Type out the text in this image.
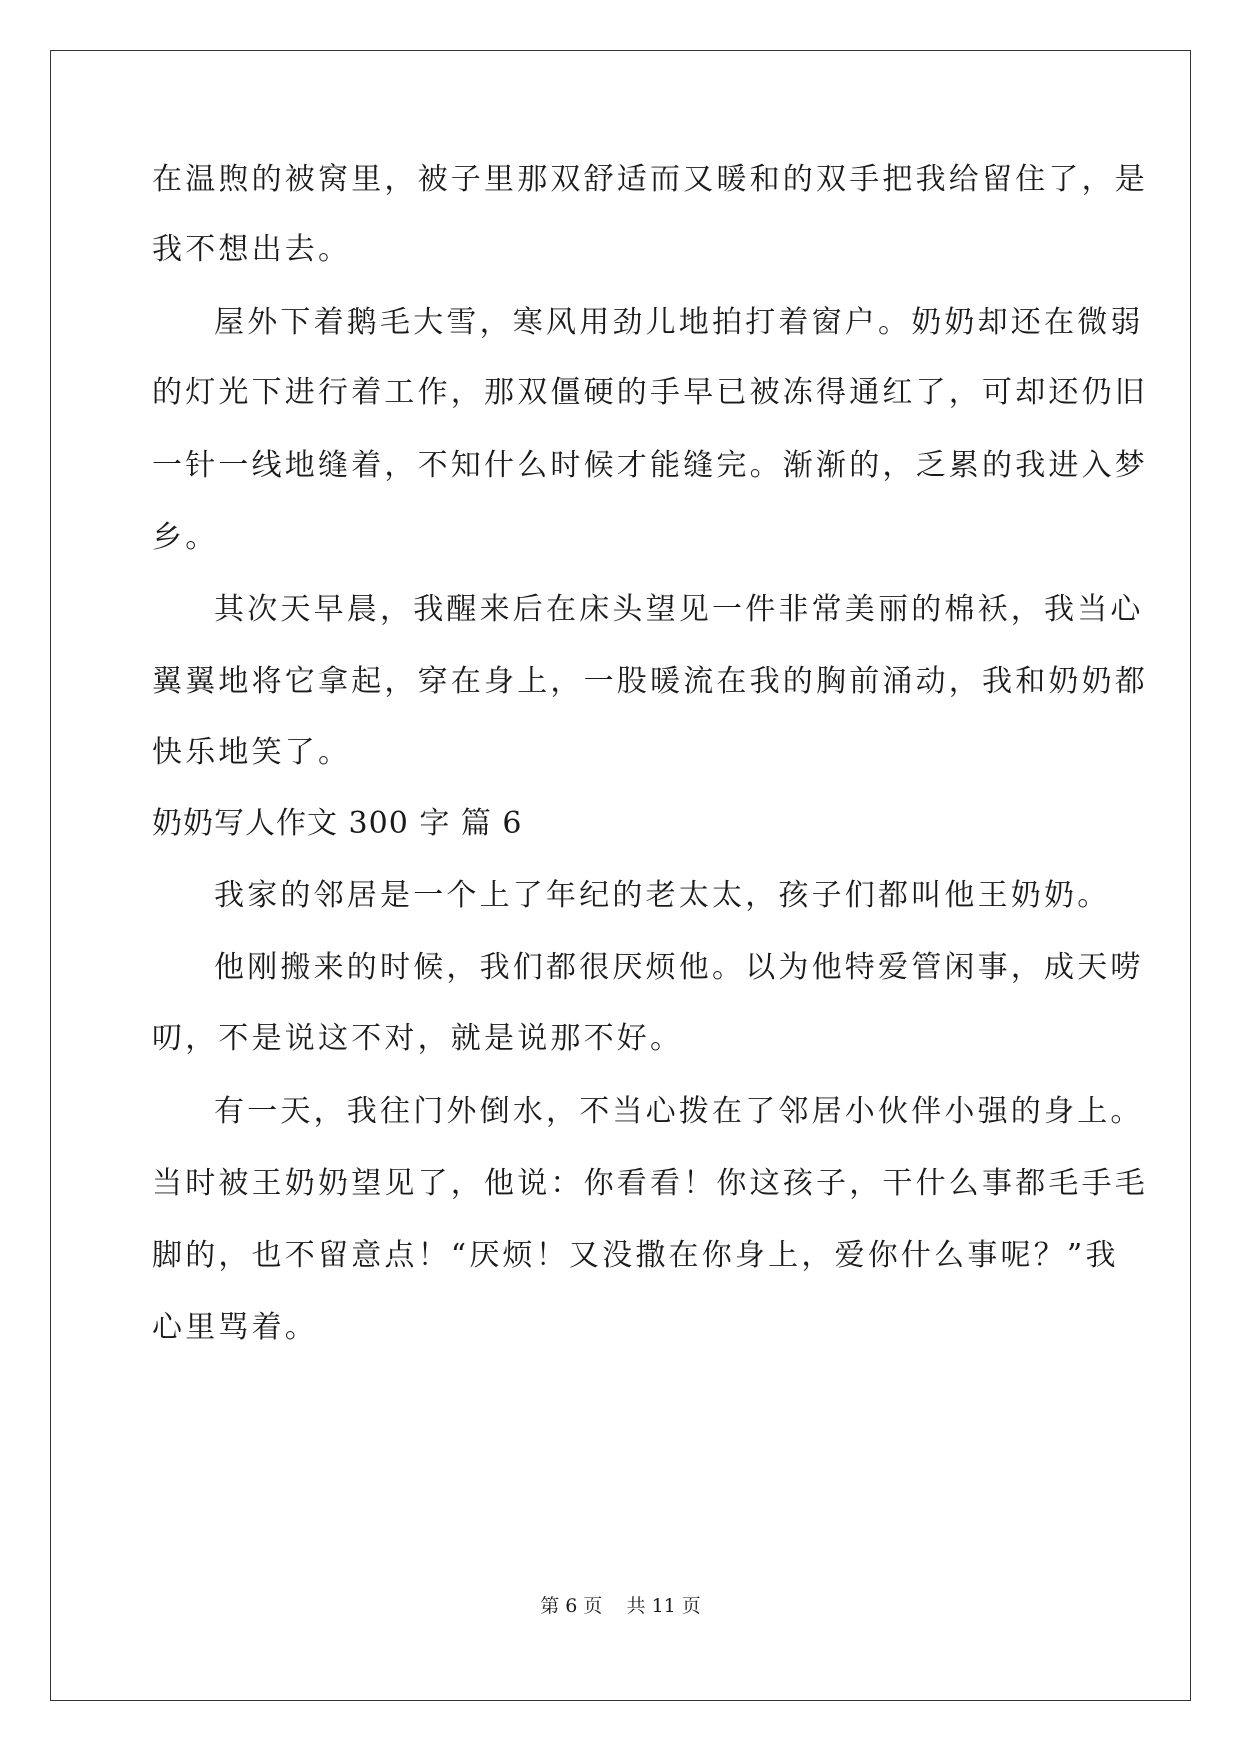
在温煦的被窝里，被子里那双舒适而又暖和的双手把我给留住了，是
我不想出去。
屋外下着鹅毛大雪，寒风用劲儿地拍打着窗户。奶奶却还在微弱
的灯光下进行着工作，那双僵硬的手早已被冻得通红了，可却还仍旧
一针一线地缝着，不知什么时候才能缝完。渐渐的，乏累的我进入梦
乡。
其次天早晨，我醒来后在床头望见一件非常美丽的棉袄，我当心
翼翼地将它拿起，穿在身上，一股暖流在我的胸前涌动，我和奶奶都
快乐地笑了。
奶奶写人作文 300 字 篇 6
我家的邻居是一个上了年纪的老太太，孩子们都叫他王奶奶。
他刚搬来的时候，我们都很厌烦他。以为他特爱管闲事，成天唠
叨，不是说这不对，就是说那不好。
有一天，我往门外倒水，不当心拨在了邻居小伙伴小强的身上。
当时被王奶奶望见了，他说：你看看！你这孩子，干什么事都毛手毛
脚的，也不留意点！“厌烦！又没撒在你身上，爱你什么事呢？”我
心里骂着。
第 6 页    共 11 页
